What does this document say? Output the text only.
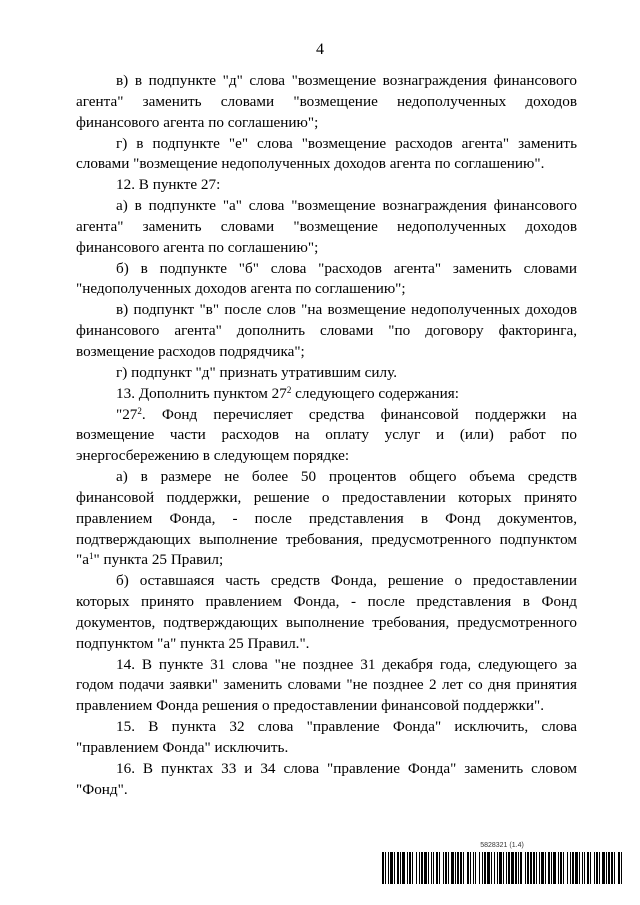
4

в) в подпункте "д" слова "возмещение вознаграждения финансового агента" заменить словами "возмещение недополученных доходов финансового агента по соглашению";

г) в подпункте "е" слова "возмещение расходов агента" заменить словами "возмещение недополученных доходов агента по соглашению".

12. В пункте 27:

а) в подпункте "а" слова "возмещение вознаграждения финансового агента" заменить словами "возмещение недополученных доходов финансового агента по соглашению";

б) в подпункте "б" слова "расходов агента" заменить словами "недополученных доходов агента по соглашению";

в) подпункт "в" после слов "на возмещение недополученных доходов финансового агента" дополнить словами "по договору факторинга, возмещение расходов подрядчика";

г) подпункт "д" признать утратившим силу.

13. Дополнить пунктом $27^2$ следующего содержания:

"$27^2$. Фонд перечисляет средства финансовой поддержки на возмещение части расходов на оплату услуг и (или) работ по энергосбережению в следующем порядке:

а) в размере не более 50 процентов общего объема средств финансовой поддержки, решение о предоставлении которых принято правлением Фонда, - после представления в Фонд документов, подтверждающих выполнение требования, предусмотренного подпунктом "$а^1$" пункта 25 Правил;

б) оставшаяся часть средств Фонда, решение о предоставлении которых принято правлением Фонда, - после представления в Фонд документов, подтверждающих выполнение требования, предусмотренного подпунктом "а" пункта 25 Правил.".

14. В пункте 31 слова "не позднее 31 декабря года, следующего за годом подачи заявки" заменить словами "не позднее 2 лет со дня принятия правлением Фонда решения о предоставлении финансовой поддержки".

15. В пункта 32 слова "правление Фонда" исключить, слова "правлением Фонда" исключить.

16. В пунктах 33 и 34 слова "правление Фонда" заменить словом "Фонд".

5828321 (1.4)
